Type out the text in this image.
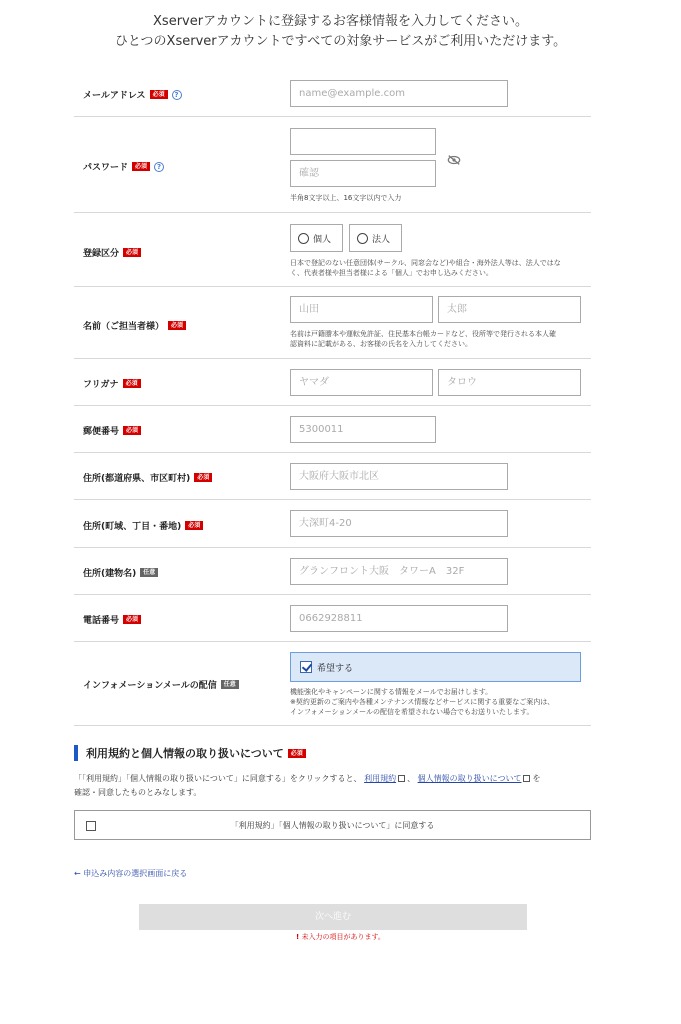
Xserverアカウントに登録するお客様情報を入力してください。
ひとつのXserverアカウントですべての対象サービスがご利用いただけます。
メールアドレス	必須	?	name@example.com
パスワード	必須	?
確認
半角8文字以上、16文字以内で入力
登録区分	必須
個人	法人
日本で登記のない任意団体(サークル、同窓会など)や組合・海外法人等は、法人ではな
く、代表者様や担当者様による「個人」でお申し込みください。
名前（ご担当者様）	必須
山田	太郎
名前は戸籍謄本や運転免許証、住民基本台帳カードなど、役所等で発行される本人確
認資料に記載がある、お客様の氏名を入力してください。
フリガナ	必須	ヤマダ	タロウ
郵便番号	必須	5300011
住所(都道府県、市区町村)	必須	大阪府大阪市北区
住所(町域、丁目・番地)	必須	大深町4-20
住所(建物名)	任意	グランフロント大阪　タワーA　32F
電話番号	必須	0662928811
インフォメーションメールの配信	任意
希望する
機能強化やキャンペーンに関する情報をメールでお届けします。
※契約更新のご案内や各種メンテナンス情報などサービスに関する重要なご案内は、
インフォメーションメールの配信を希望されない場合でもお送りいたします。
利用規約と個人情報の取り扱いについて	必須
「「利用規約」「個人情報の取り扱いについて」に同意する」をクリックすると、 利用規約 、 個人情報の取り扱いについて を
確認・同意したものとみなします。
「利用規約」「個人情報の取り扱いについて」に同意する
← 申込み内容の選択画面に戻る
次へ進む
! 未入力の項目があります。
